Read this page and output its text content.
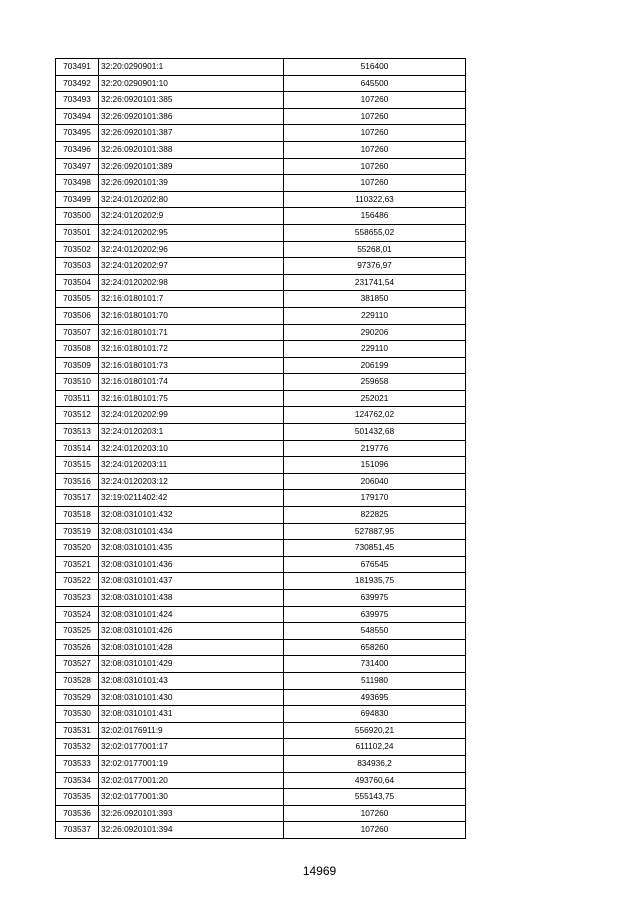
703491	32:20:0290901:1	516400
703492	32:20:0290901:10	645500
703493	32:26:0920101:385	107260
703494	32:26:0920101:386	107260
703495	32:26:0920101:387	107260
703496	32:26:0920101:388	107260
703497	32:26:0920101:389	107260
703498	32:26:0920101:39	107260
703499	32:24:0120202:80	110322,63
703500	32:24:0120202:9	156486
703501	32:24:0120202:95	558655,02
703502	32:24:0120202:96	55268,01
703503	32:24:0120202:97	97376,97
703504	32:24:0120202:98	231741,54
703505	32:16:0180101:7	381850
703506	32:16:0180101:70	229110
703507	32:16:0180101:71	290206
703508	32:16:0180101:72	229110
703509	32:16:0180101:73	206199
703510	32:16:0180101:74	259658
703511	32:16:0180101:75	252021
703512	32:24:0120202:99	124762,02
703513	32:24:0120203:1	501432,68
703514	32:24:0120203:10	219776
703515	32:24:0120203:11	151096
703516	32:24:0120203:12	206040
703517	32:19:0211402:42	179170
703518	32:08:0310101:432	822825
703519	32:08:0310101:434	527887,95
703520	32:08:0310101:435	730851,45
703521	32:08:0310101:436	676545
703522	32:08:0310101:437	181935,75
703523	32:08:0310101:438	639975
703524	32:08:0310101:424	639975
703525	32:08:0310101:426	548550
703526	32:08:0310101:428	658260
703527	32:08:0310101:429	731400
703528	32:08:0310101:43	511980
703529	32:08:0310101:430	493695
703530	32:08:0310101:431	694830
703531	32:02:0176911:9	556920,21
703532	32:02:0177001:17	611102,24
703533	32:02:0177001:19	834936,2
703534	32:02:0177001:20	493760,64
703535	32:02:0177001:30	555143,75
703536	32:26:0920101:393	107260
703537	32:26:0920101:394	107260
14969
